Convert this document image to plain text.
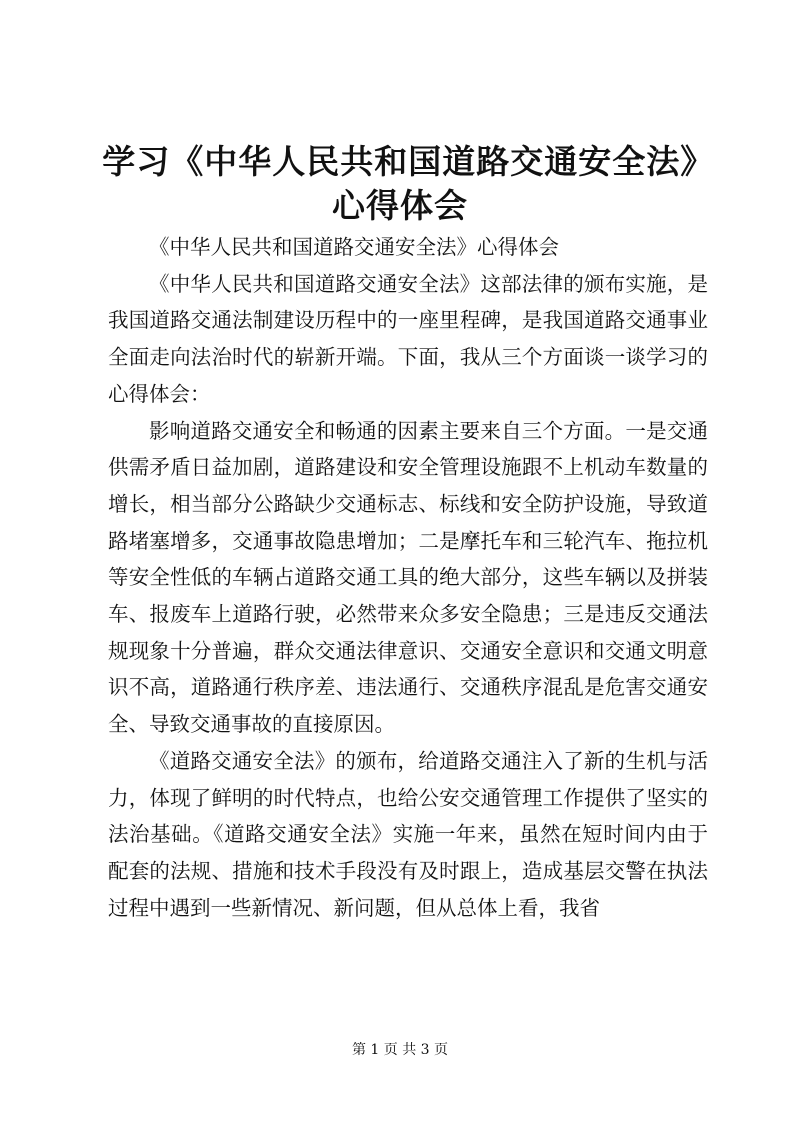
学习《中华人民共和国道路交通安全法》心得体会

《中华人民共和国道路交通安全法》心得体会

《中华人民共和国道路交通安全法》这部法律的颁布实施，是我国道路交通法制建设历程中的一座里程碑，是我国道路交通事业全面走向法治时代的崭新开端。下面，我从三个方面谈一谈学习的心得体会：

影响道路交通安全和畅通的因素主要来自三个方面。一是交通供需矛盾日益加剧，道路建设和安全管理设施跟不上机动车数量的增长，相当部分公路缺少交通标志、标线和安全防护设施，导致道路堵塞增多，交通事故隐患增加；二是摩托车和三轮汽车、拖拉机等安全性低的车辆占道路交通工具的绝大部分，这些车辆以及拼装车、报废车上道路行驶，必然带来众多安全隐患；三是违反交通法规现象十分普遍，群众交通法律意识、交通安全意识和交通文明意识不高，道路通行秩序差、违法通行、交通秩序混乱是危害交通安全、导致交通事故的直接原因。

《道路交通安全法》的颁布，给道路交通注入了新的生机与活力，体现了鲜明的时代特点，也给公安交通管理工作提供了坚实的法治基础。《道路交通安全法》实施一年来，虽然在短时间内由于配套的法规、措施和技术手段没有及时跟上，造成基层交警在执法过程中遇到一些新情况、新问题，但从总体上看，我省

第 1 页 共 3 页
